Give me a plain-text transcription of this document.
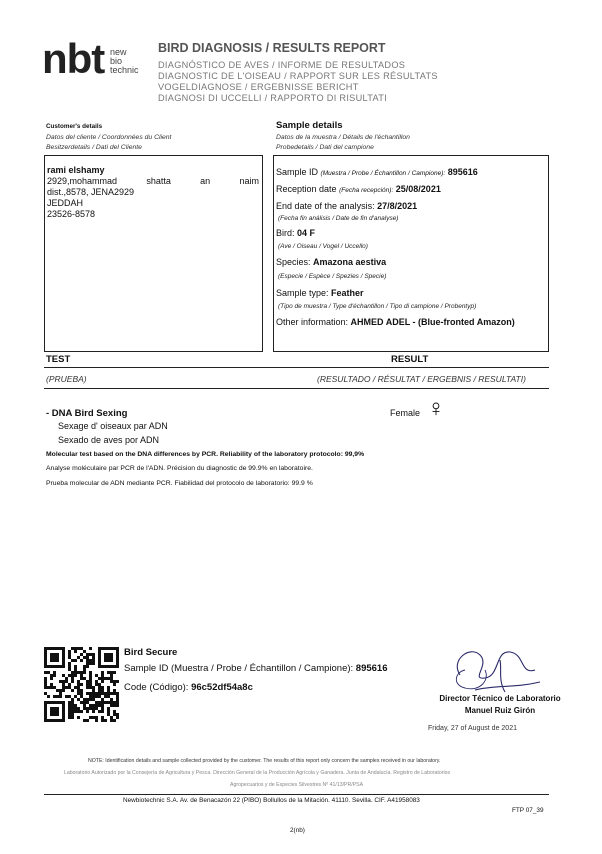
nbt new
bio
technic
BIRD DIAGNOSIS / RESULTS REPORT
DIAGNÓSTICO DE AVES / INFORME DE RESULTADOS
DIAGNOSTIC DE L'OISEAU / RAPPORT SUR LES RÉSULTATS
VOGELDIAGNOSE / ERGEBNISSE BERICHT
DIAGNOSI DI UCCELLI / RAPPORTO DI RISULTATI
Customer's details
Datos del cliente / Coordonnées du Client
Besitzerdetails / Dati del Cliente
Sample details
Datos de la muestra / Détails de l'échantillon
Probedetails / Dati del campione
rami elshamy
2929,mohammad	shatta	an	naim
dist.,8578, JENA2929
JEDDAH
23526-8578
Sample ID (Muestra / Probe / Échantillon / Campione): 895616
Reception date (Fecha recepción): 25/08/2021
End date of the analysis: 27/8/2021
(Fecha fin análisis / Date de fin d'analyse)
Bird: 04 F
(Ave / Oiseau / Vogel / Uccello)
Species: Amazona aestiva
(Especie / Espèce / Spezies / Specie)
Sample type: Feather
(Tipo de muestra / Type d'échantillon / Tipo di campione / Probentyp)
Other information: AHMED ADEL - (Blue-fronted Amazon)
TEST	RESULT
(PRUEBA)	(RESULTADO / RÉSULTAT / ERGEBNIS / RESULTATI)
- DNA Bird Sexing
Sexage d' oiseaux par ADN
Sexado de aves por ADN
Female ♀
Molecular test based on the DNA differences by PCR. Reliability of the laboratory protocolo: 99,9%
Analyse moléculaire par PCR de l'ADN. Précision du diagnostic de 99.9% en laboratoire.
Prueba molecular de ADN mediante PCR. Fiabilidad del protocolo de laboratorio: 99.9 %
Bird Secure
Sample ID (Muestra / Probe / Échantillon / Campione): 895616
Code (Código): 96c52df54a8c
Director Técnico de Laboratorio
Manuel Ruiz Girón
Friday, 27 of August de 2021
NOTE: Identification details and sample collected provided by the customer. The results of this report only concern the samples received in our laboratory.
Laboratorio Autorizado por la Consejería de Agricultura y Pesca. Dirección General de la Producción Agrícola y Ganadera. Junta de Andalucía. Registro de Laboratorios
Agropecuarios y de Especies Silvestres Nº 41/13/PR/PSA
Newbiotechnic S.A. Av. de Benacazón 22 (PIBO) Bollullos de la Mitación. 41110. Sevilla. CIF. A41958083
FTP 07_39
2(nb)
